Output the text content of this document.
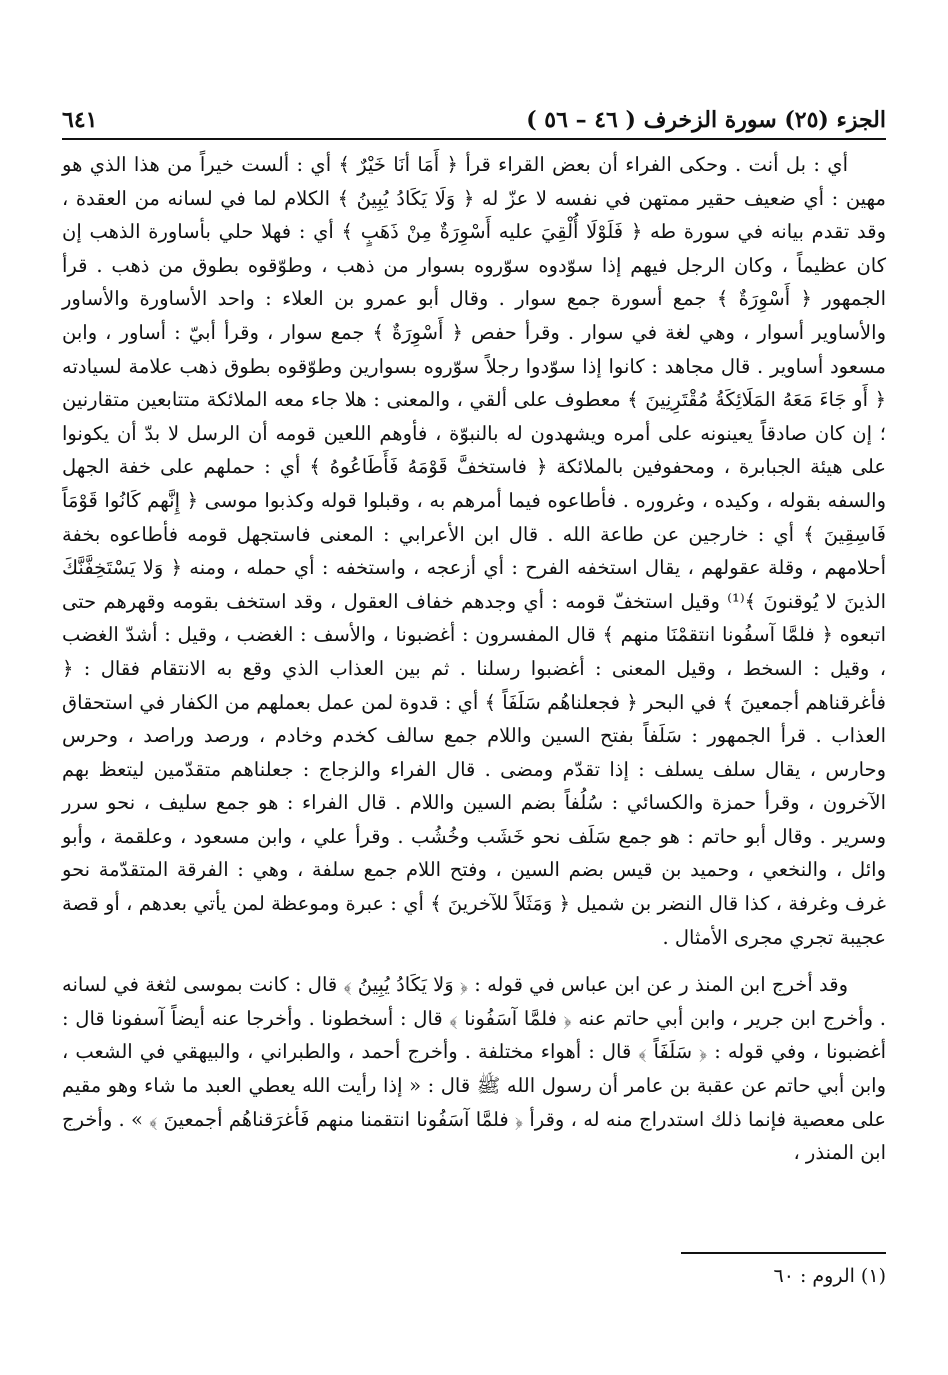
الجزء (٢٥) سورة الزخرف ( ٤٦ – ٥٦ )
٦٤١

أي : بل أنت . وحكى الفراء أن بعض القراء قرأ ﴿ أَمَا أنَا خَيْرٌ ﴾ أي : ألست خيراً من هذا الذي هو مهين : أي ضعيف حقير ممتهن في نفسه لا عزّ له ﴿ وَلَا يَكَادُ يُبِينُ ﴾ الكلام لما في لسانه من العقدة ، وقد تقدم بيانه في سورة طه ﴿ فَلَوْلَا أُلْقِيَ عليه أَسْوِرَةٌ مِنْ ذَهَبٍ ﴾ أي : فهلا حلي بأساورة الذهب إن كان عظيماً ، وكان الرجل فيهم إذا سوّدوه سوّروه بسوار من ذهب ، وطوّقوه بطوق من ذهب . قرأ الجمهور ﴿ أَسْوِرَةٌ ﴾ جمع أسورة جمع سوار . وقال أبو عمرو بن العلاء : واحد الأساورة والأساور والأساوير أسوار ، وهي لغة في سوار . وقرأ حفص ﴿ أَسْوِرَةٌ ﴾ جمع سوار ، وقرأ أبيّ : أساور ، وابن مسعود أساوير . قال مجاهد : كانوا إذا سوّدوا رجلاً سوّروه بسوارين وطوّقوه بطوق ذهب علامة لسيادته ﴿ أَو جَاءَ مَعَهُ المَلَائِكَةُ مُقْتَرِنِينَ ﴾ معطوف على ألقي ، والمعنى : هلا جاء معه الملائكة متتابعين متقارنين ؛ إن كان صادقاً يعينونه على أمره ويشهدون له بالنبوّة ، فأوهم اللعين قومه أن الرسل لا بدّ أن يكونوا على هيئة الجبابرة ، ومحفوفين بالملائكة ﴿ فاستخفَّ قَوْمَهُ فَأَطَاعُوهُ ﴾ أي : حملهم على خفة الجهل والسفه بقوله ، وكيده ، وغروره . فأطاعوه فيما أمرهم به ، وقبلوا قوله وكذبوا موسى ﴿ إِنَّهم كَانُوا قَوْمَاً فَاسِقِينَ ﴾ أي : خارجين عن طاعة الله . قال ابن الأعرابي : المعنى فاستجهل قومه فأطاعوه بخفة أحلامهم ، وقلة عقولهم ، يقال استخفه الفرح : أي أزعجه ، واستخفه : أي حمله ، ومنه ﴿ وَلا يَسْتَخِفَّنَّكَ الذينَ لا يُوقنونَ ﴾⁽¹⁾ وقيل استخفّ قومه : أي وجدهم خفاف العقول ، وقد استخف بقومه وقهرهم حتى اتبعوه ﴿ فلمَّا آسفُونا انتقمْنَا منهم ﴾ قال المفسرون : أغضبونا ، والأسف : الغضب ، وقيل : أشدّ الغضب ، وقيل : السخط ، وقيل المعنى : أغضبوا رسلنا . ثم بين العذاب الذي وقع به الانتقام فقال : ﴿ فأغرقناهم أجمعينَ ﴾ في البحر ﴿ فجعلناهُم سَلَفَاً ﴾ أي : قدوة لمن عمل بعملهم من الكفار في استحقاق العذاب . قرأ الجمهور : سَلَفاً بفتح السين واللام جمع سالف كخدم وخادم ، ورصد وراصد ، وحرس وحارس ، يقال سلف يسلف : إذا تقدّم ومضى . قال الفراء والزجاج : جعلناهم متقدّمين ليتعظ بهم الآخرون ، وقرأ حمزة والكسائي : سُلُفاً بضم السين واللام . قال الفراء : هو جمع سليف ، نحو سرر وسرير . وقال أبو حاتم : هو جمع سَلَف نحو خَشَب وخُشُب . وقرأ علي ، وابن مسعود ، وعلقمة ، وأبو وائل ، والنخعي ، وحميد بن قيس بضم السين ، وفتح اللام جمع سلفة ، وهي : الفرقة المتقدّمة نحو غرف وغرفة ، كذا قال النضر بن شميل ﴿ وَمَثَلاً للآخرينَ ﴾ أي : عبرة وموعظة لمن يأتي بعدهم ، أو قصة عجيبة تجري مجرى الأمثال .

وقد أخرج ابن المنذ ر عن ابن عباس في قوله : ﴿ وَلا يَكَادُ يُبِينُ ﴾ قال : كانت بموسى لثغة في لسانه . وأخرج ابن جرير ، وابن أبي حاتم عنه ﴿ فلمَّا آسَفُونا ﴾ قال : أسخطونا . وأخرجا عنه أيضاً آسفونا قال : أغضبونا ، وفي قوله : ﴿ سَلَفَاً ﴾ قال : أهواء مختلفة . وأخرج أحمد ، والطبراني ، والبيهقي في الشعب ، وابن أبي حاتم عن عقبة بن عامر أن رسول الله ﷺ قال : « إذا رأيت الله يعطي العبد ما شاء وهو مقيم على معصية فإنما ذلك استدراج منه له ، وقرأ ﴿ فلمَّا آسَفُونا انتقمنا منهم فَأغرَقناهُم أجمعينَ ﴾ » . وأخرج ابن المنذر ،

(١) الروم : ٦٠
